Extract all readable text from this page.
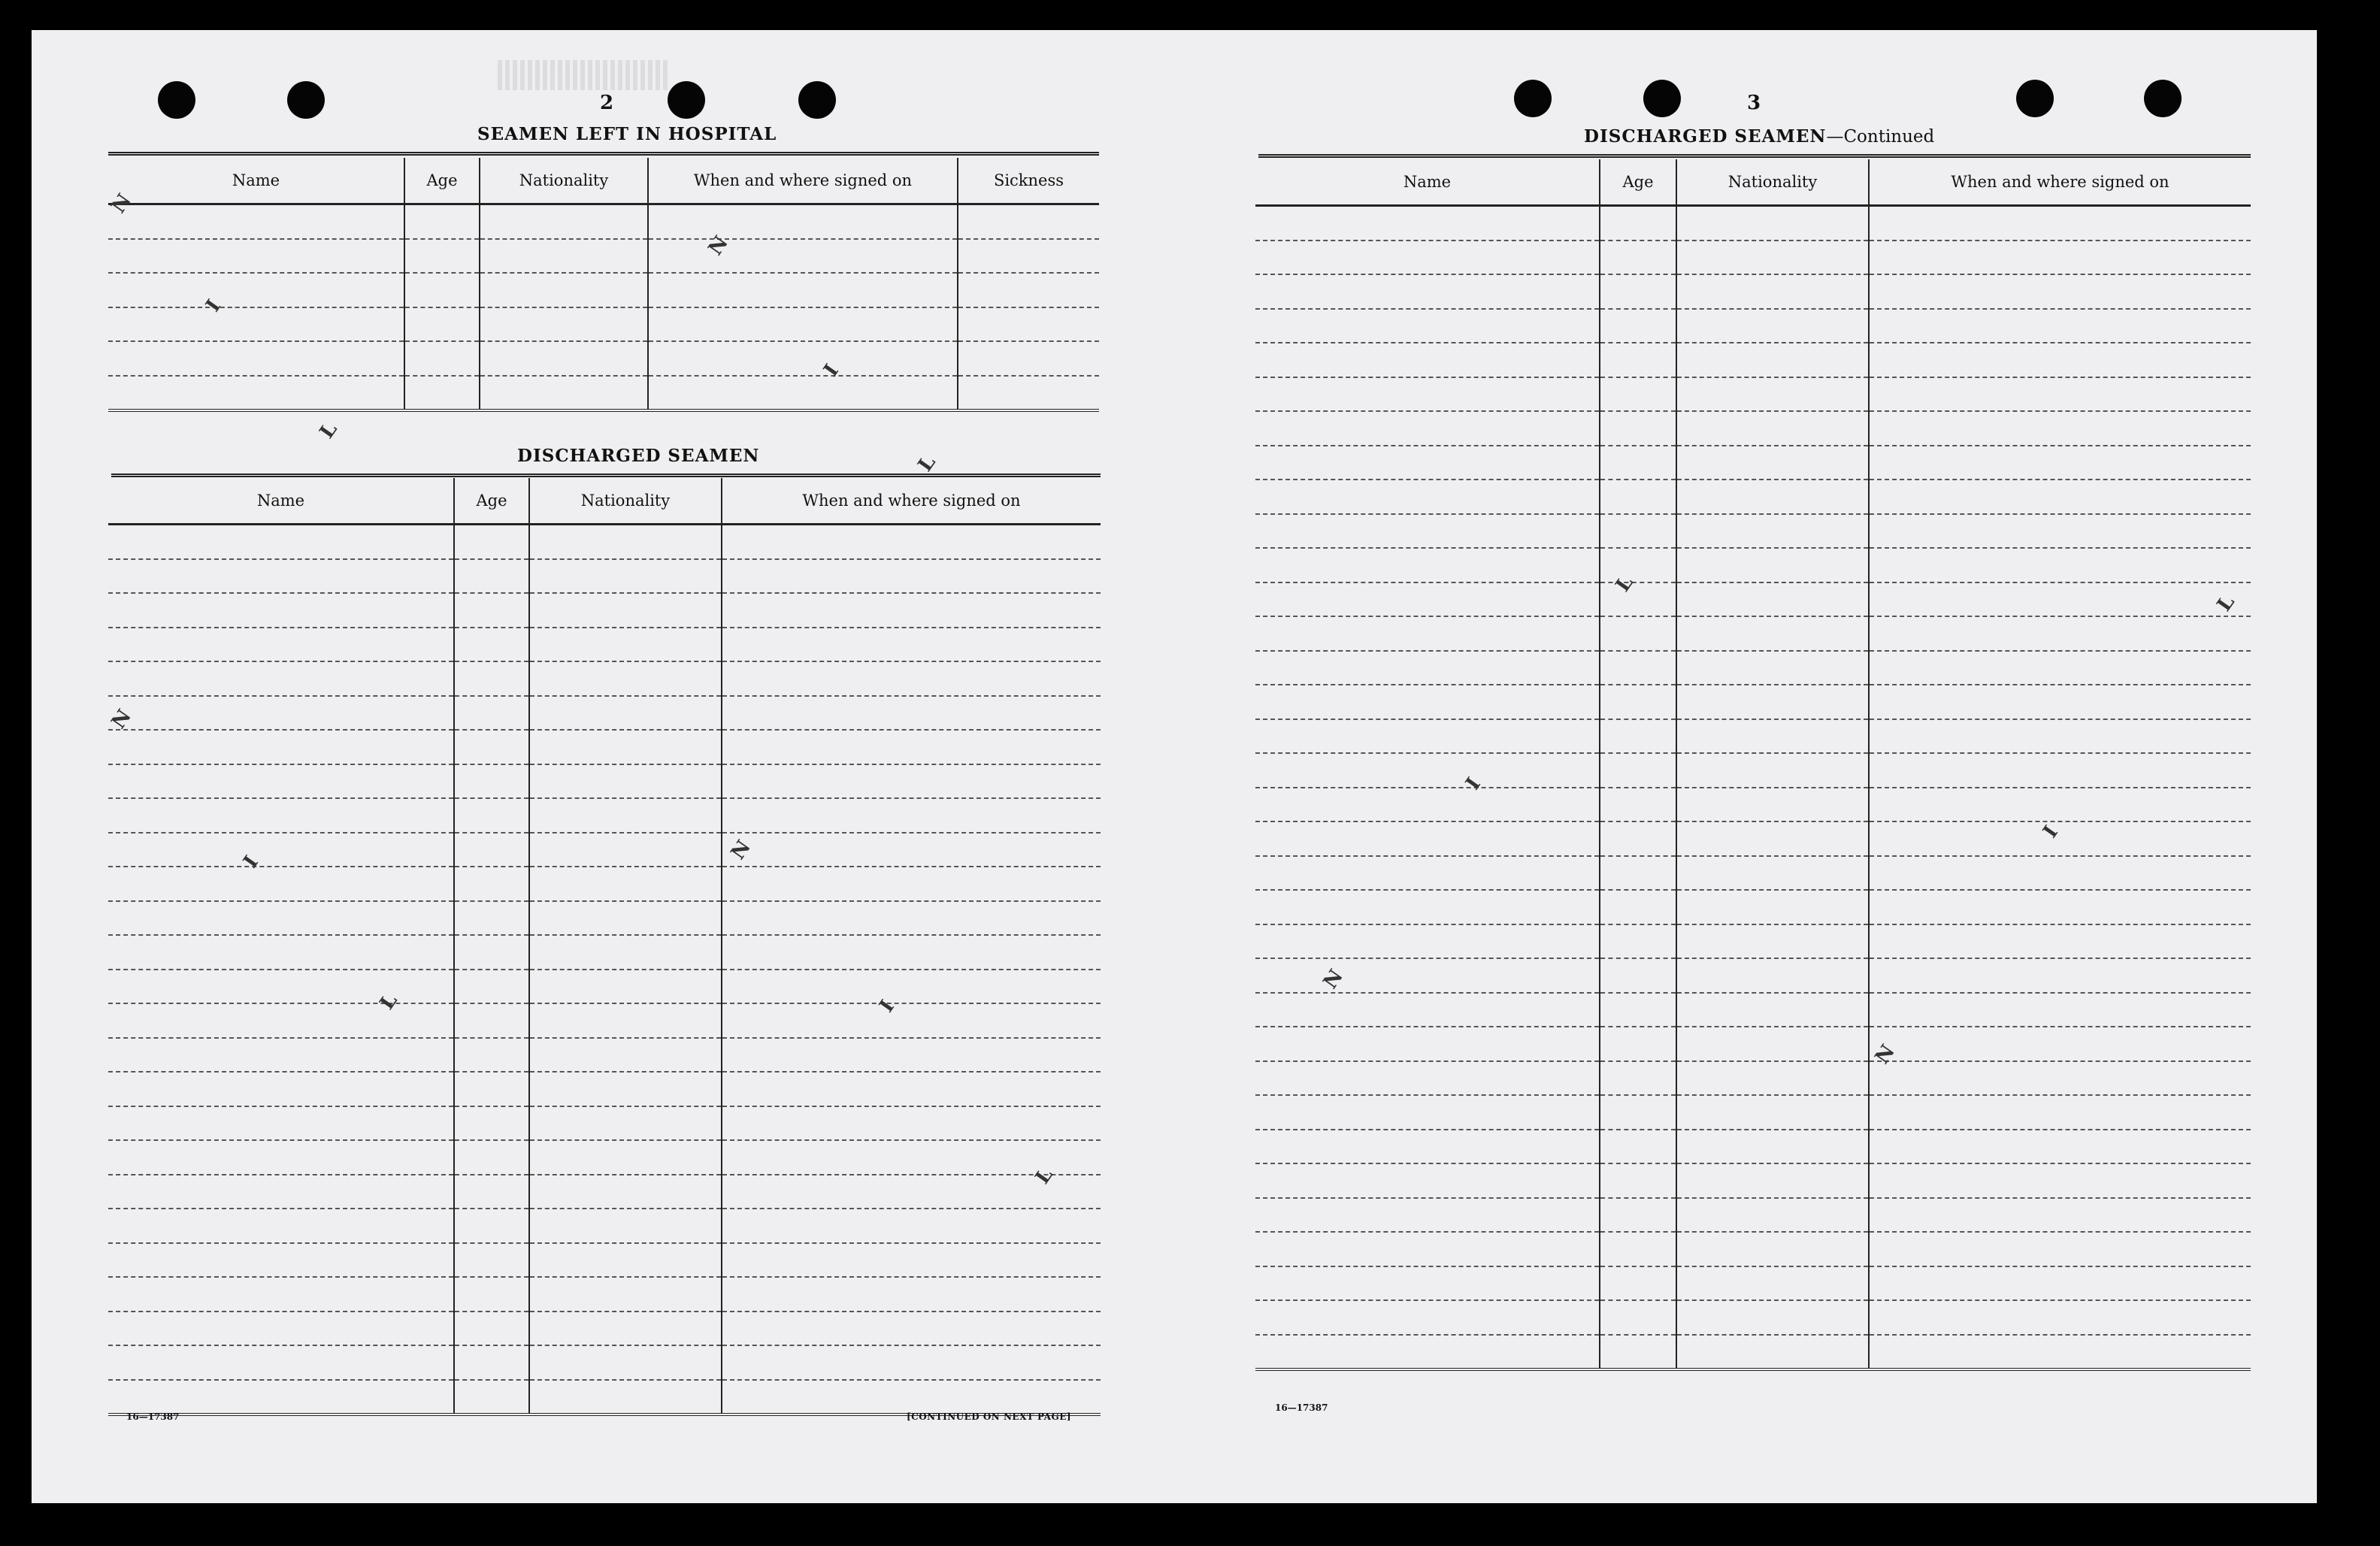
2
SEAMEN LEFT IN HOSPITAL
Name	Age	Nationality	When and where signed on	Sickness

DISCHARGED SEAMEN
Name	Age	Nationality	When and where signed on

16—17387	[CONTINUED ON NEXT PAGE]
3
DISCHARGED SEAMEN—Continued
Name	Age	Nationality	When and where signed on

16—17387
N
I
L
N
I
L
N
I
L
N
I
L
N
I
L
N
I
L
